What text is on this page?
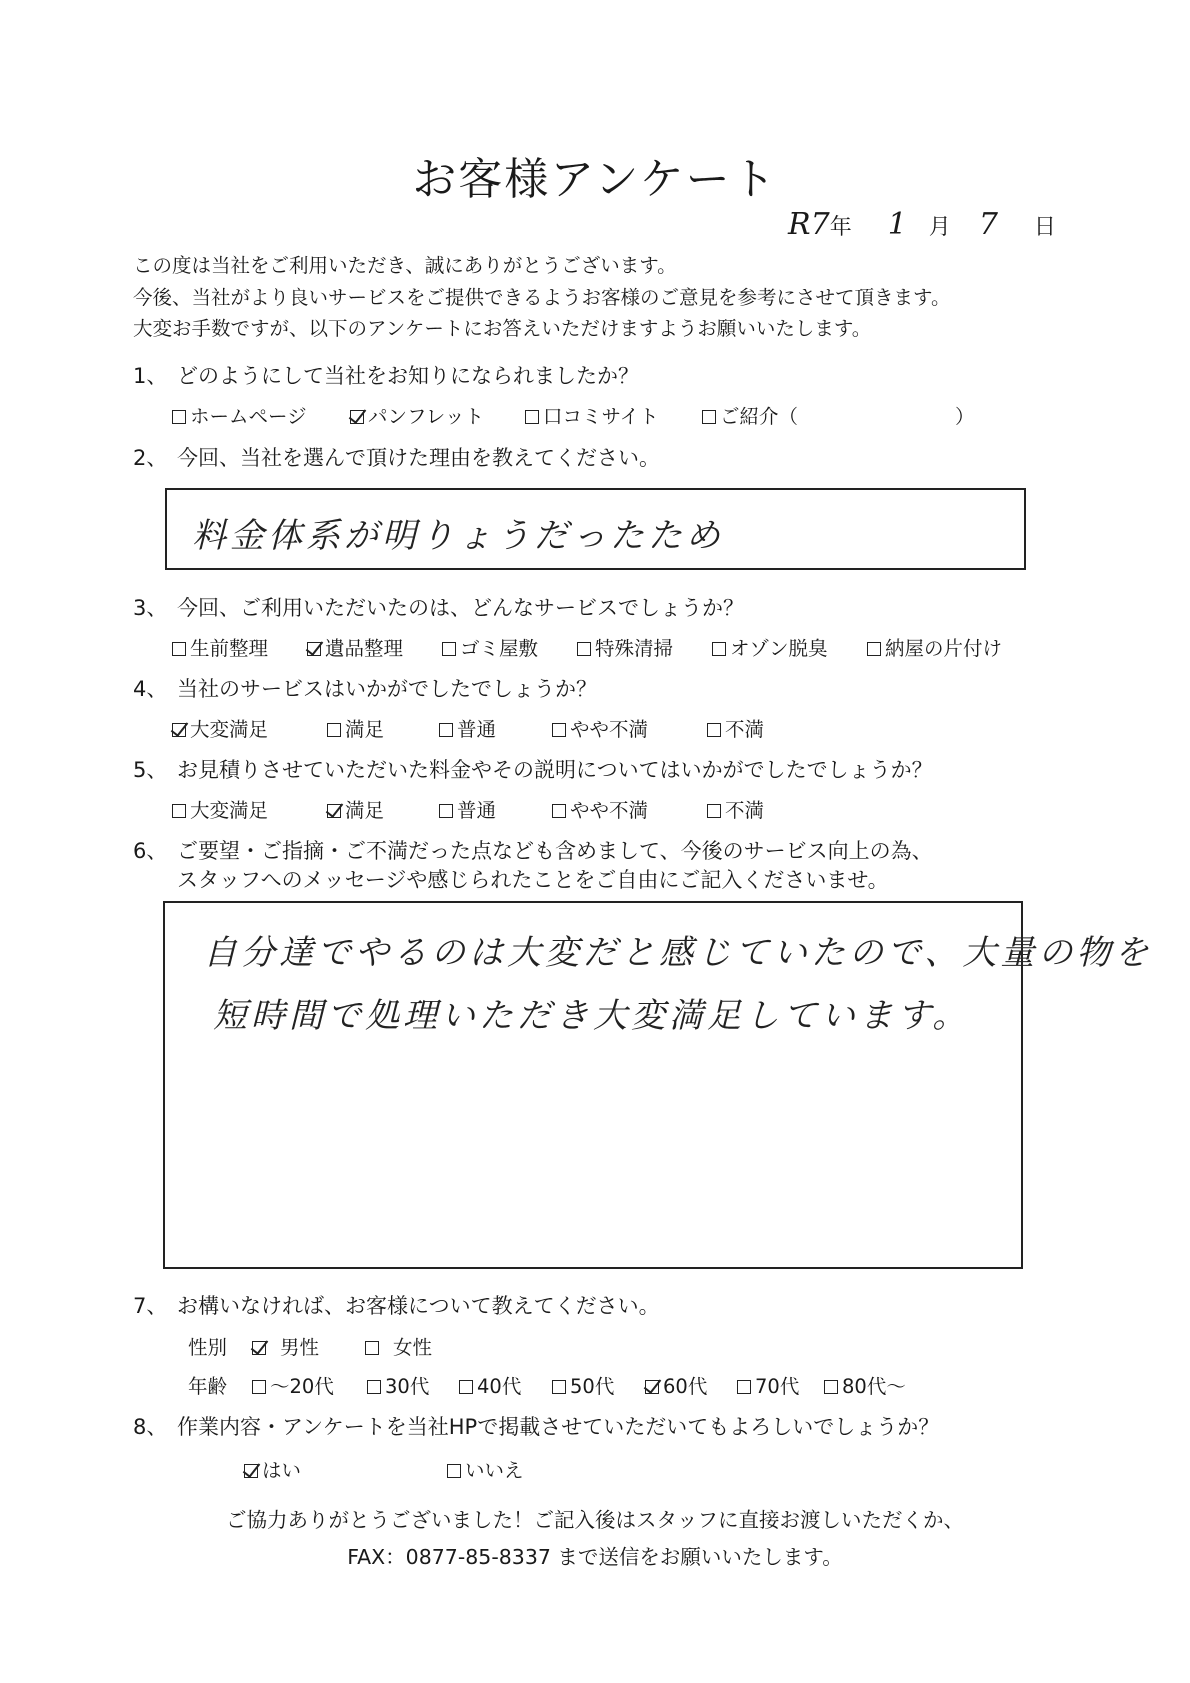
お客様アンケート
R7年 1 月 7 日
この度は当社をご利用いただき、誠にありがとうございます。
今後、当社がより良いサービスをご提供できるようお客様のご意見を参考にさせて頂きます。
大変お手数ですが、以下のアンケートにお答えいただけますようお願いいたします。
1、 どのようにして当社をお知りになられましたか？
ホームページ	パンフレット	口コミサイト	ご紹介（	）
2、 今回、当社を選んで頂けた理由を教えてください。
料金体系が明りょうだったため
3、 今回、ご利用いただいたのは、どんなサービスでしょうか？
生前整理	遺品整理	ゴミ屋敷	特殊清掃	オゾン脱臭	納屋の片付け
4、 当社のサービスはいかがでしたでしょうか？
大変満足	満足	普通	やや不満	不満
5、 お見積りさせていただいた料金やその説明についてはいかがでしたでしょうか？
大変満足	満足	普通	やや不満	不満
6、 ご要望・ご指摘・ご不満だった点なども含めまして、今後のサービス向上の為、
スタッフへのメッセージや感じられたことをご自由にご記入くださいませ。
自分達でやるのは大変だと感じていたので、大量の物を
短時間で処理いただき大変満足しています。
7、 お構いなければ、お客様について教えてください。
性別	男性	女性
年齢	～20代	30代	40代	50代	60代	70代	80代～
8、 作業内容・アンケートを当社HPで掲載させていただいてもよろしいでしょうか？
はい	いいえ
ご協力ありがとうございました！ご記入後はスタッフに直接お渡しいただくか、
FAX：0877-85-8337 まで送信をお願いいたします。
